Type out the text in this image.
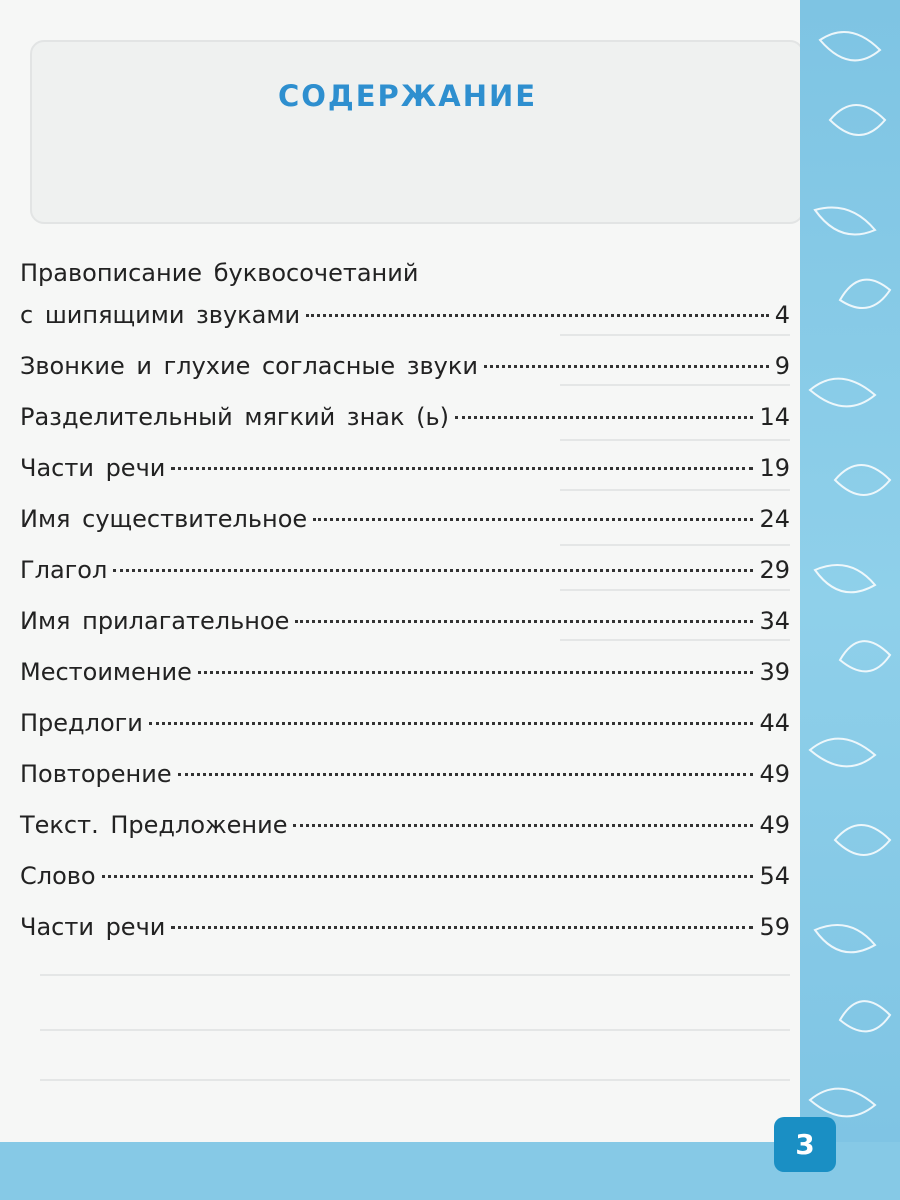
СОДЕРЖАНИЕ
Правописание буквосочетаний
с шипящими звуками	4
Звонкие и глухие согласные звуки	9
Разделительный мягкий знак (ь)	14
Части речи	19
Имя существительное	24
Глагол	29
Имя прилагательное	34
Местоимение	39
Предлоги	44
Повторение	49
Текст. Предложение	49
Слово	54
Части речи	59
3
